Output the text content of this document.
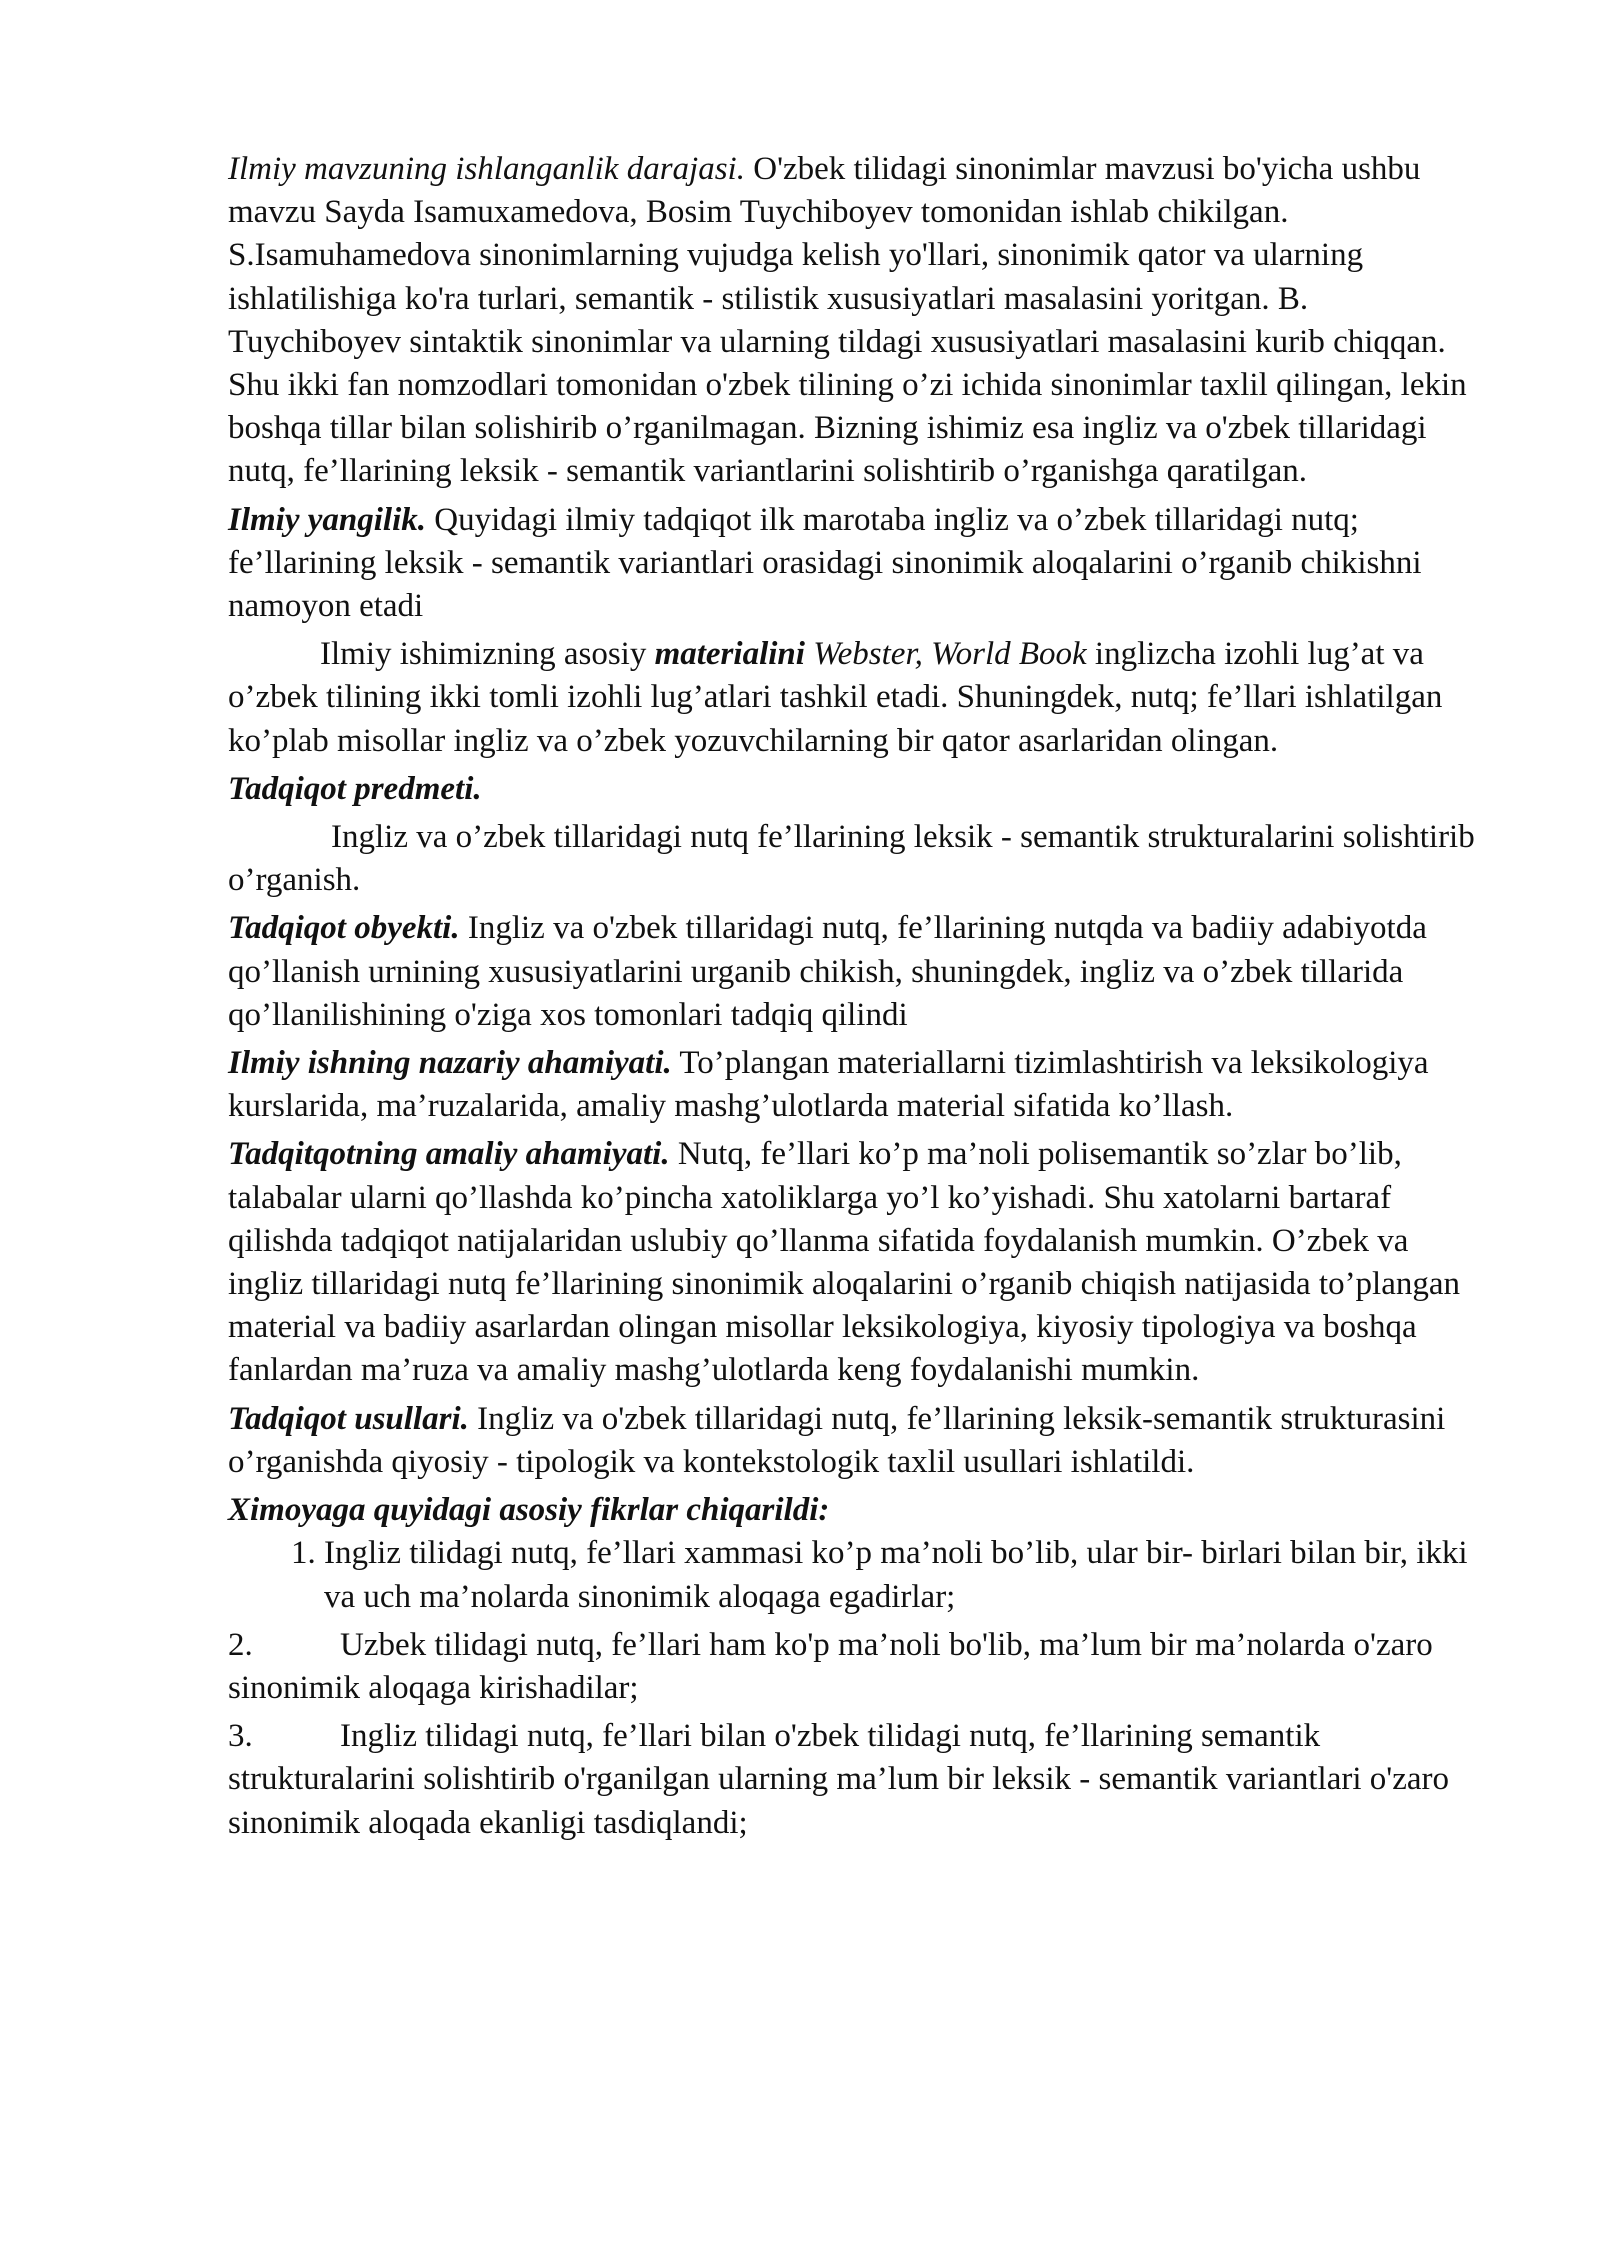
Ilmiy mavzuning ishlanganlik darajasi. O'zbek tilidagi sinonimlar mavzusi bo'yicha ushbu mavzu Sayda Isamuxamedova, Bosim Tuychiboyev tomonidan ishlab chikilgan. S.Isamuhamedova sinonimlarning vujudga kelish yo'llari, sinonimik qator va ularning ishlatilishiga ko'ra turlari, semantik - stilistik xususiyatlari masalasini yoritgan. B. Tuychiboyev sintaktik sinonimlar va ularning tildagi xususiyatlari masalasini kurib chiqqan. Shu ikki fan nomzodlari tomonidan o'zbek tilining o’zi ichida sinonimlar taxlil qilingan, lekin boshqa tillar bilan solishirib o’rganilmagan. Bizning ishimiz esa ingliz va o'zbek tillaridagi nutq, fe’llarining leksik - semantik variantlarini solishtirib o’rganishga qaratilgan.

Ilmiy yangilik. Quyidagi ilmiy tadqiqot ilk marotaba ingliz va o’zbek tillaridagi nutq; fe’llarining leksik - semantik variantlari orasidagi sinonimik aloqalarini o’rganib chikishni namoyon etadi

Ilmiy ishimizning asosiy materialini Webster, World Book inglizcha izohli lug’at va o’zbek tilining ikki tomli izohli lug’atlari tashkil etadi. Shuningdek, nutq; fe’llari ishlatilgan ko’plab misollar ingliz va o’zbek yozuvchilarning bir qator asarlaridan olingan.

Tadqiqot predmeti.

Ingliz va o’zbek tillaridagi nutq fe’llarining leksik - semantik strukturalarini solishtirib o’rganish.

Tadqiqot obyekti. Ingliz va o'zbek tillaridagi nutq, fe’llarining nutqda va badiiy adabiyotda qo’llanish urnining xususiyatlarini urganib chikish, shuningdek, ingliz va o’zbek tillarida qo’llanilishining o'ziga xos tomonlari tadqiq qilindi

Ilmiy ishning nazariy ahamiyati. To’plangan materiallarni tizimlashtirish va leksikologiya kurslarida, ma’ruzalarida, amaliy mashg’ulotlarda material sifatida ko’llash.

Tadqitqotning amaliy ahamiyati. Nutq, fe’llari ko’p ma’noli polisemantik so’zlar bo’lib, talabalar ularni qo’llashda ko’pincha xatoliklarga yo’l ko’yishadi. Shu xatolarni bartaraf qilishda tadqiqot natijalaridan uslubiy qo’llanma sifatida foydalanish mumkin. O’zbek va ingliz tillaridagi nutq fe’llarining sinonimik aloqalarini o’rganib chiqish natijasida to’plangan material va badiiy asarlardan olingan misollar leksikologiya, kiyosiy tipologiya va boshqa fanlardan ma’ruza va amaliy mashg’ulotlarda keng foydalanishi mumkin.

Tadqiqot usullari. Ingliz va o'zbek tillaridagi nutq, fe’llarining leksik-semantik strukturasini o’rganishda qiyosiy - tipologik va kontekstologik taxlil usullari ishlatildi.

Ximoyaga quyidagi asosiy fikrlar chiqarildi:

1. Ingliz tilidagi nutq, fe’llari xammasi ko’p ma’noli bo’lib, ular bir- birlari bilan bir, ikki va uch ma’nolarda sinonimik aloqaga egadirlar;

2.	Uzbek tilidagi nutq, fe’llari ham ko'p ma’noli bo'lib, ma’lum bir ma’nolarda o'zaro sinonimik aloqaga kirishadilar;

3.	Ingliz tilidagi nutq, fe’llari bilan o'zbek tilidagi nutq, fe’llarining semantik strukturalarini solishtirib o'rganilgan ularning ma’lum bir leksik - semantik variantlari o'zaro sinonimik aloqada ekanligi tasdiqlandi;
